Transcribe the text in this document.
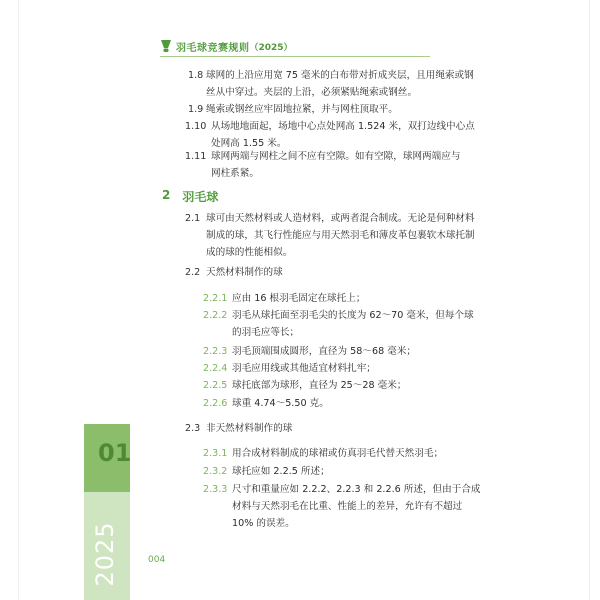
羽毛球竞赛规则 （2025）
1.8 球网的上沿应用宽 75 毫米的白布带对折成夹层，且用绳索或钢
丝从中穿过。夹层的上沿，必须紧贴绳索或钢丝。
1.9 绳索或钢丝应牢固地拉紧，并与网柱顶取平。
1.10 从场地地面起，场地中心点处网高 1.524 米，双打边线中心点
处网高 1.55 米。
1.11 球网两端与网柱之间不应有空隙。如有空隙，球网两端应与
网柱系紧。
2 羽毛球
2.1 球可由天然材料或人造材料，或两者混合制成。无论是何种材料
制成的球，其飞行性能应与用天然羽毛和薄皮革包裹软木球托制
成的球的性能相似。
2.2 天然材料制作的球
2.2.1 应由 16 根羽毛固定在球托上；
2.2.2 羽毛从球托面至羽毛尖的长度为 62～70 毫米，但每个球
的羽毛应等长；
2.2.3 羽毛顶端围成圆形，直径为 58～68 毫米；
2.2.4 羽毛应用线或其他适宜材料扎牢；
2.2.5 球托底部为球形，直径为 25～28 毫米；
2.2.6 球重 4.74～5.50 克。
2.3 非天然材料制作的球
2.3.1 用合成材料制成的球裙或仿真羽毛代替天然羽毛；
2.3.2 球托应如 2.2.5 所述；
2.3.3 尺寸和重量应如 2.2.2、2.2.3 和 2.2.6 所述，但由于合成
材料与天然羽毛在比重、性能上的差异，允许有不超过
10% 的误差。
01
2025	004
